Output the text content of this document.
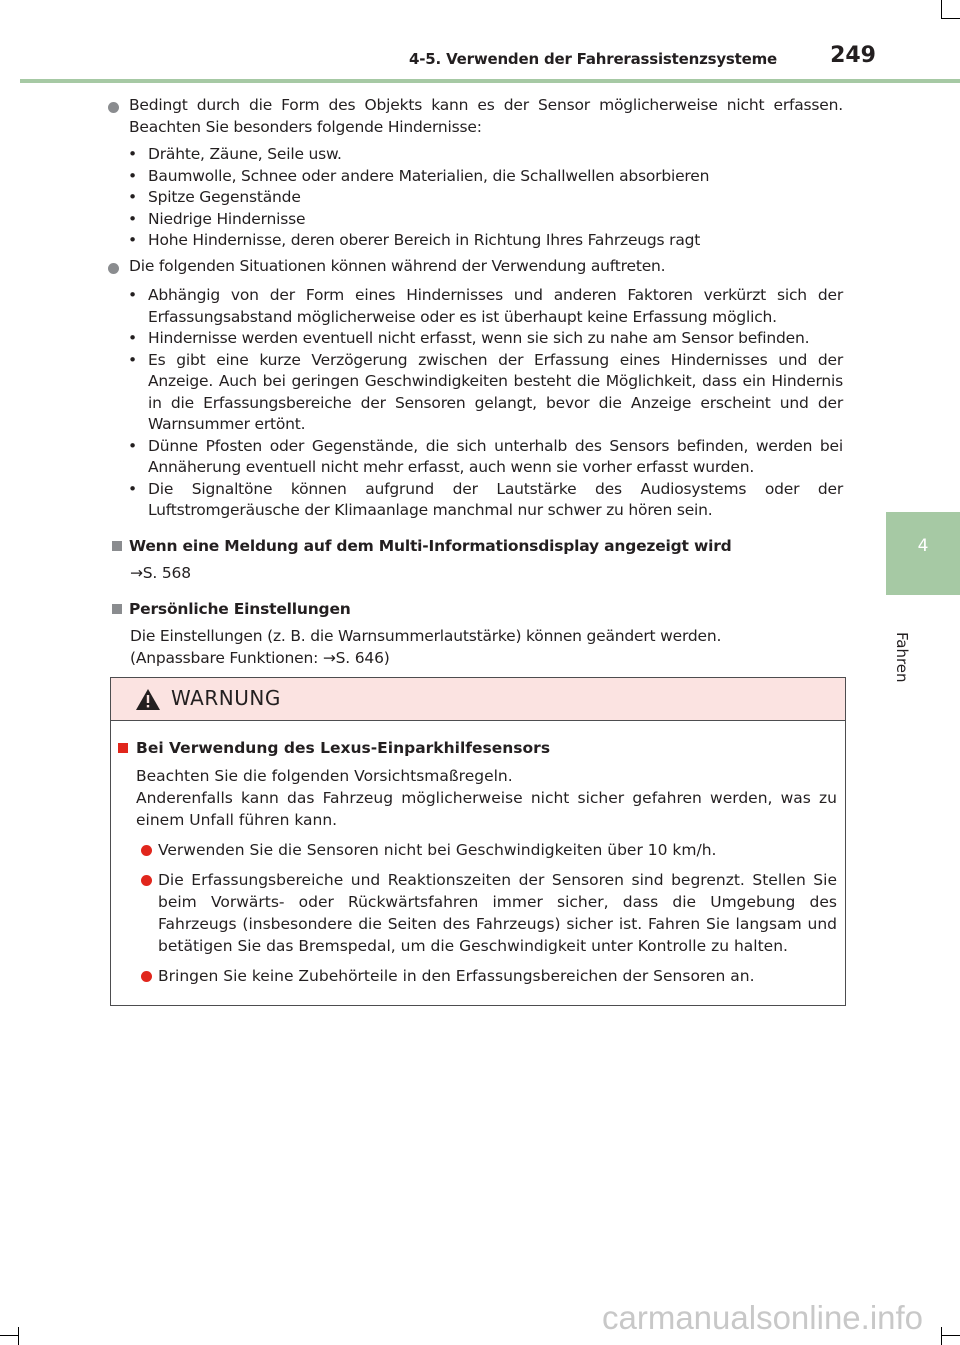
4-5. Verwenden der Fahrerassistenzsysteme 249
4
Fahren
Bedingt durch die Form des Objekts kann es der Sensor möglicherweise nicht erfassen. Beachten Sie besonders folgende Hindernisse:
• Drähte, Zäune, Seile usw.
• Baumwolle, Schnee oder andere Materialien, die Schallwellen absorbieren
• Spitze Gegenstände
• Niedrige Hindernisse
• Hohe Hindernisse, deren oberer Bereich in Richtung Ihres Fahrzeugs ragt
Die folgenden Situationen können während der Verwendung auftreten.
• Abhängig von der Form eines Hindernisses und anderen Faktoren verkürzt sich der Erfassungsabstand möglicherweise oder es ist überhaupt keine Erfassung möglich.
• Hindernisse werden eventuell nicht erfasst, wenn sie sich zu nahe am Sensor befinden.
• Es gibt eine kurze Verzögerung zwischen der Erfassung eines Hindernisses und der Anzeige. Auch bei geringen Geschwindigkeiten besteht die Möglichkeit, dass ein Hindernis in die Erfassungsbereiche der Sensoren gelangt, bevor die Anzeige erscheint und der Warnsummer ertönt.
• Dünne Pfosten oder Gegenstände, die sich unterhalb des Sensors befinden, werden bei Annäherung eventuell nicht mehr erfasst, auch wenn sie vorher erfasst wurden.
• Die Signaltöne können aufgrund der Lautstärke des Audiosystems oder der Luftstromgeräusche der Klimaanlage manchmal nur schwer zu hören sein.
Wenn eine Meldung auf dem Multi-Informationsdisplay angezeigt wird
→S. 568
Persönliche Einstellungen
Die Einstellungen (z. B. die Warnsummerlautstärke) können geändert werden.
(Anpassbare Funktionen: →S. 646)
WARNUNG
Bei Verwendung des Lexus-Einparkhilfesensors
Beachten Sie die folgenden Vorsichtsmaßregeln.
Anderenfalls kann das Fahrzeug möglicherweise nicht sicher gefahren werden, was zu einem Unfall führen kann.
Verwenden Sie die Sensoren nicht bei Geschwindigkeiten über 10 km/h.
Die Erfassungsbereiche und Reaktionszeiten der Sensoren sind begrenzt. Stellen Sie beim Vorwärts- oder Rückwärtsfahren immer sicher, dass die Umgebung des Fahrzeugs (insbesondere die Seiten des Fahrzeugs) sicher ist. Fahren Sie langsam und betätigen Sie das Bremspedal, um die Geschwindigkeit unter Kontrolle zu halten.
Bringen Sie keine Zubehörteile in den Erfassungsbereichen der Sensoren an.
carmanualsonline.info
